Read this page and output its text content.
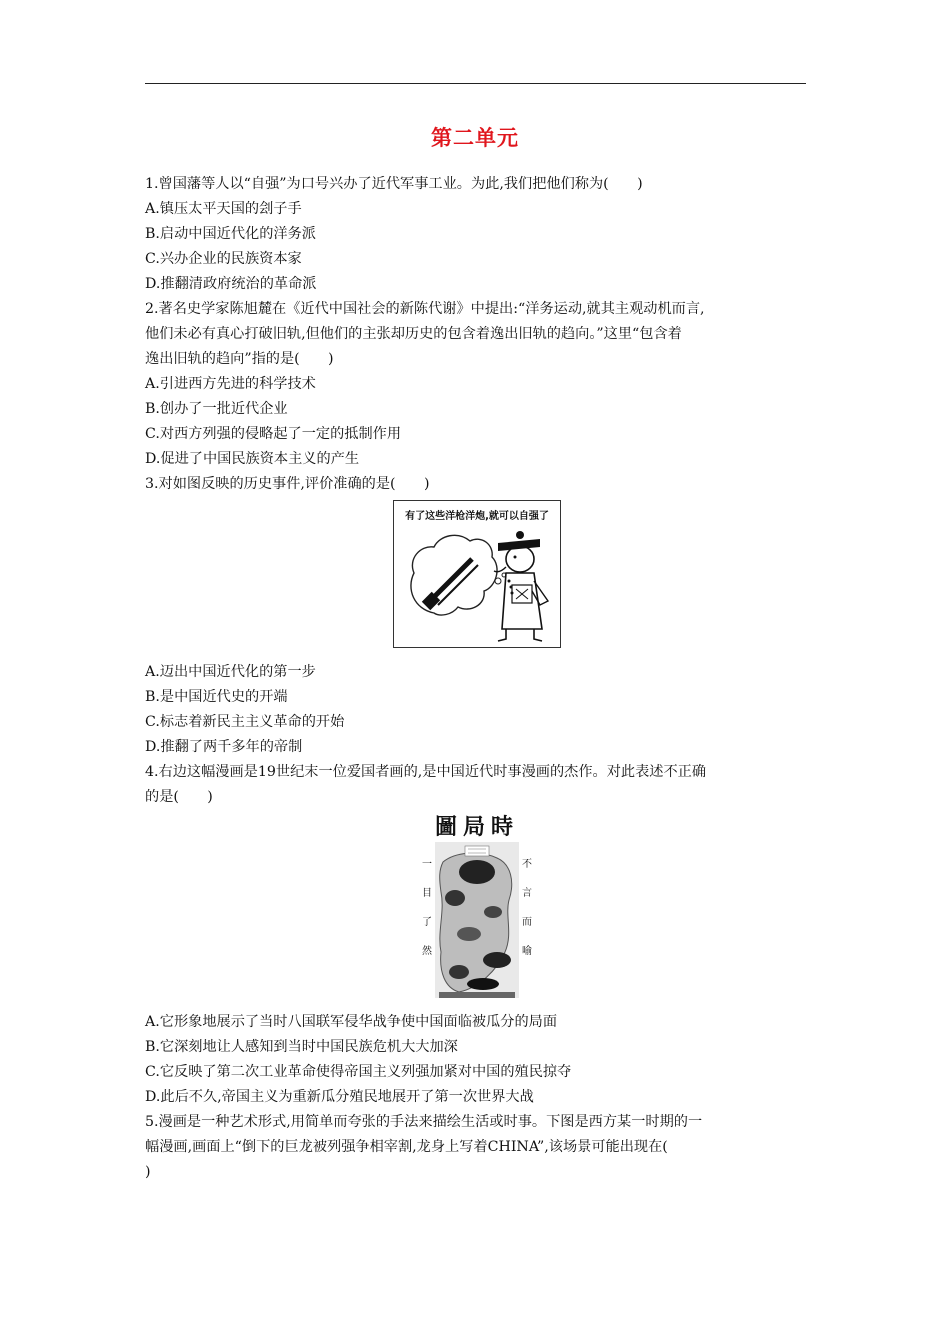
第二单元
1.曾国藩等人以“自强”为口号兴办了近代军事工业。为此,我们把他们称为(　　)
A.镇压太平天国的刽子手
B.启动中国近代化的洋务派
C.兴办企业的民族资本家
D.推翻清政府统治的革命派
2.著名史学家陈旭麓在《近代中国社会的新陈代谢》中提出:“洋务运动,就其主观动机而言,
他们未必有真心打破旧轨,但他们的主张却历史的包含着逸出旧轨的趋向。”这里“包含着
逸出旧轨的趋向”指的是(　　)
A.引进西方先进的科学技术
B.创办了一批近代企业
C.对西方列强的侵略起了一定的抵制作用
D.促进了中国民族资本主义的产生
3.对如图反映的历史事件,评价准确的是(　　)
有了这些洋枪洋炮,就可以自强了
A.迈出中国近代化的第一步
B.是中国近代史的开端
C.标志着新民主主义革命的开始
D.推翻了两千多年的帝制
4.右边这幅漫画是19世纪末一位爱国者画的,是中国近代时事漫画的杰作。对此表述不正确
的是(　　)
圖局時
一
目
了
然
不
言
而
喻
A.它形象地展示了当时八国联军侵华战争使中国面临被瓜分的局面
B.它深刻地让人感知到当时中国民族危机大大加深
C.它反映了第二次工业革命使得帝国主义列强加紧对中国的殖民掠夺
D.此后不久,帝国主义为重新瓜分殖民地展开了第一次世界大战
5.漫画是一种艺术形式,用简单而夸张的手法来描绘生活或时事。下图是西方某一时期的一
幅漫画,画面上“倒下的巨龙被列强争相宰割,龙身上写着CHINA”,该场景可能出现在(
)
